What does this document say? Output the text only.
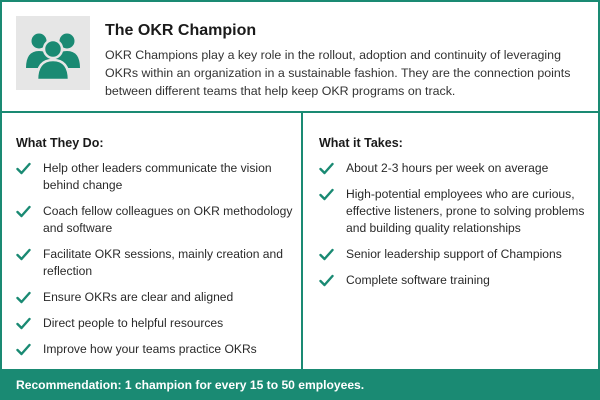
The OKR Champion
OKR Champions play a key role in the rollout, adoption and continuity of leveraging OKRs within an organization in a sustainable fashion. They are the connection points between different teams that help keep OKR programs on track.
What They Do:
Help other leaders communicate the vision behind change
Coach fellow colleagues on OKR methodology and software
Facilitate OKR sessions, mainly creation and reflection
Ensure OKRs are clear and aligned
Direct people to helpful resources
Improve how your teams practice OKRs
What it Takes:
About 2-3 hours per week on average
High-potential employees who are curious, effective listeners, prone to solving problems and building quality relationships
Senior leadership support of Champions
Complete software training
Recommendation: 1 champion for every 15 to 50 employees.
